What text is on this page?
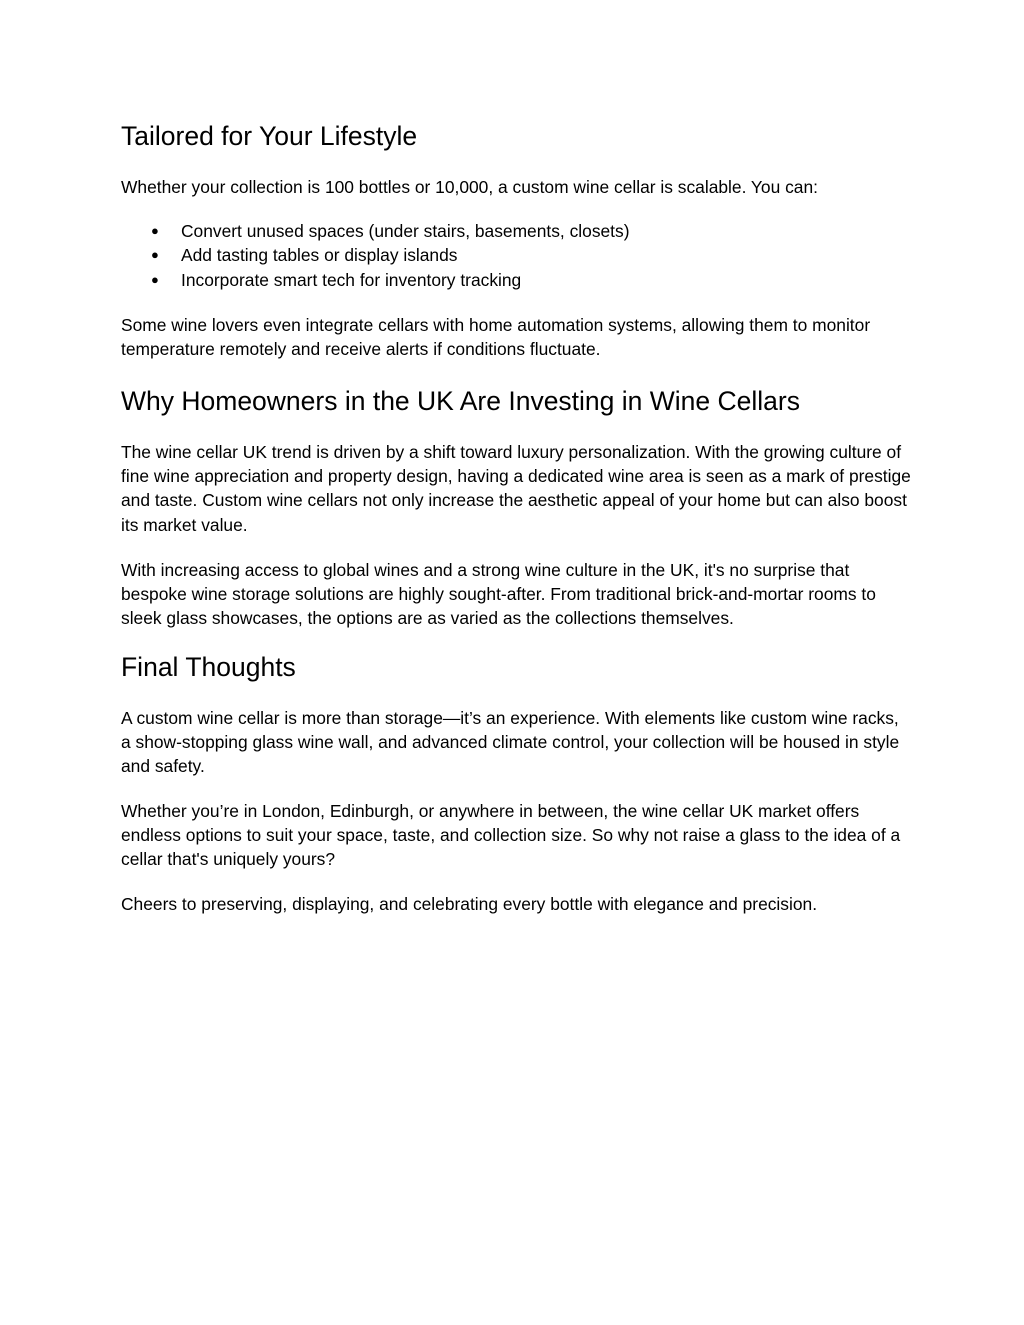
Tailored for Your Lifestyle

Whether your collection is 100 bottles or 10,000, a custom wine cellar is scalable. You can:

● Convert unused spaces (under stairs, basements, closets)
● Add tasting tables or display islands
● Incorporate smart tech for inventory tracking

Some wine lovers even integrate cellars with home automation systems, allowing them to monitor temperature remotely and receive alerts if conditions fluctuate.

Why Homeowners in the UK Are Investing in Wine Cellars

The wine cellar UK trend is driven by a shift toward luxury personalization. With the growing culture of fine wine appreciation and property design, having a dedicated wine area is seen as a mark of prestige and taste. Custom wine cellars not only increase the aesthetic appeal of your home but can also boost its market value.

With increasing access to global wines and a strong wine culture in the UK, it's no surprise that bespoke wine storage solutions are highly sought-after. From traditional brick-and-mortar rooms to sleek glass showcases, the options are as varied as the collections themselves.

Final Thoughts

A custom wine cellar is more than storage—it’s an experience. With elements like custom wine racks, a show-stopping glass wine wall, and advanced climate control, your collection will be housed in style and safety.

Whether you’re in London, Edinburgh, or anywhere in between, the wine cellar UK market offers endless options to suit your space, taste, and collection size. So why not raise a glass to the idea of a cellar that's uniquely yours?

Cheers to preserving, displaying, and celebrating every bottle with elegance and precision.
